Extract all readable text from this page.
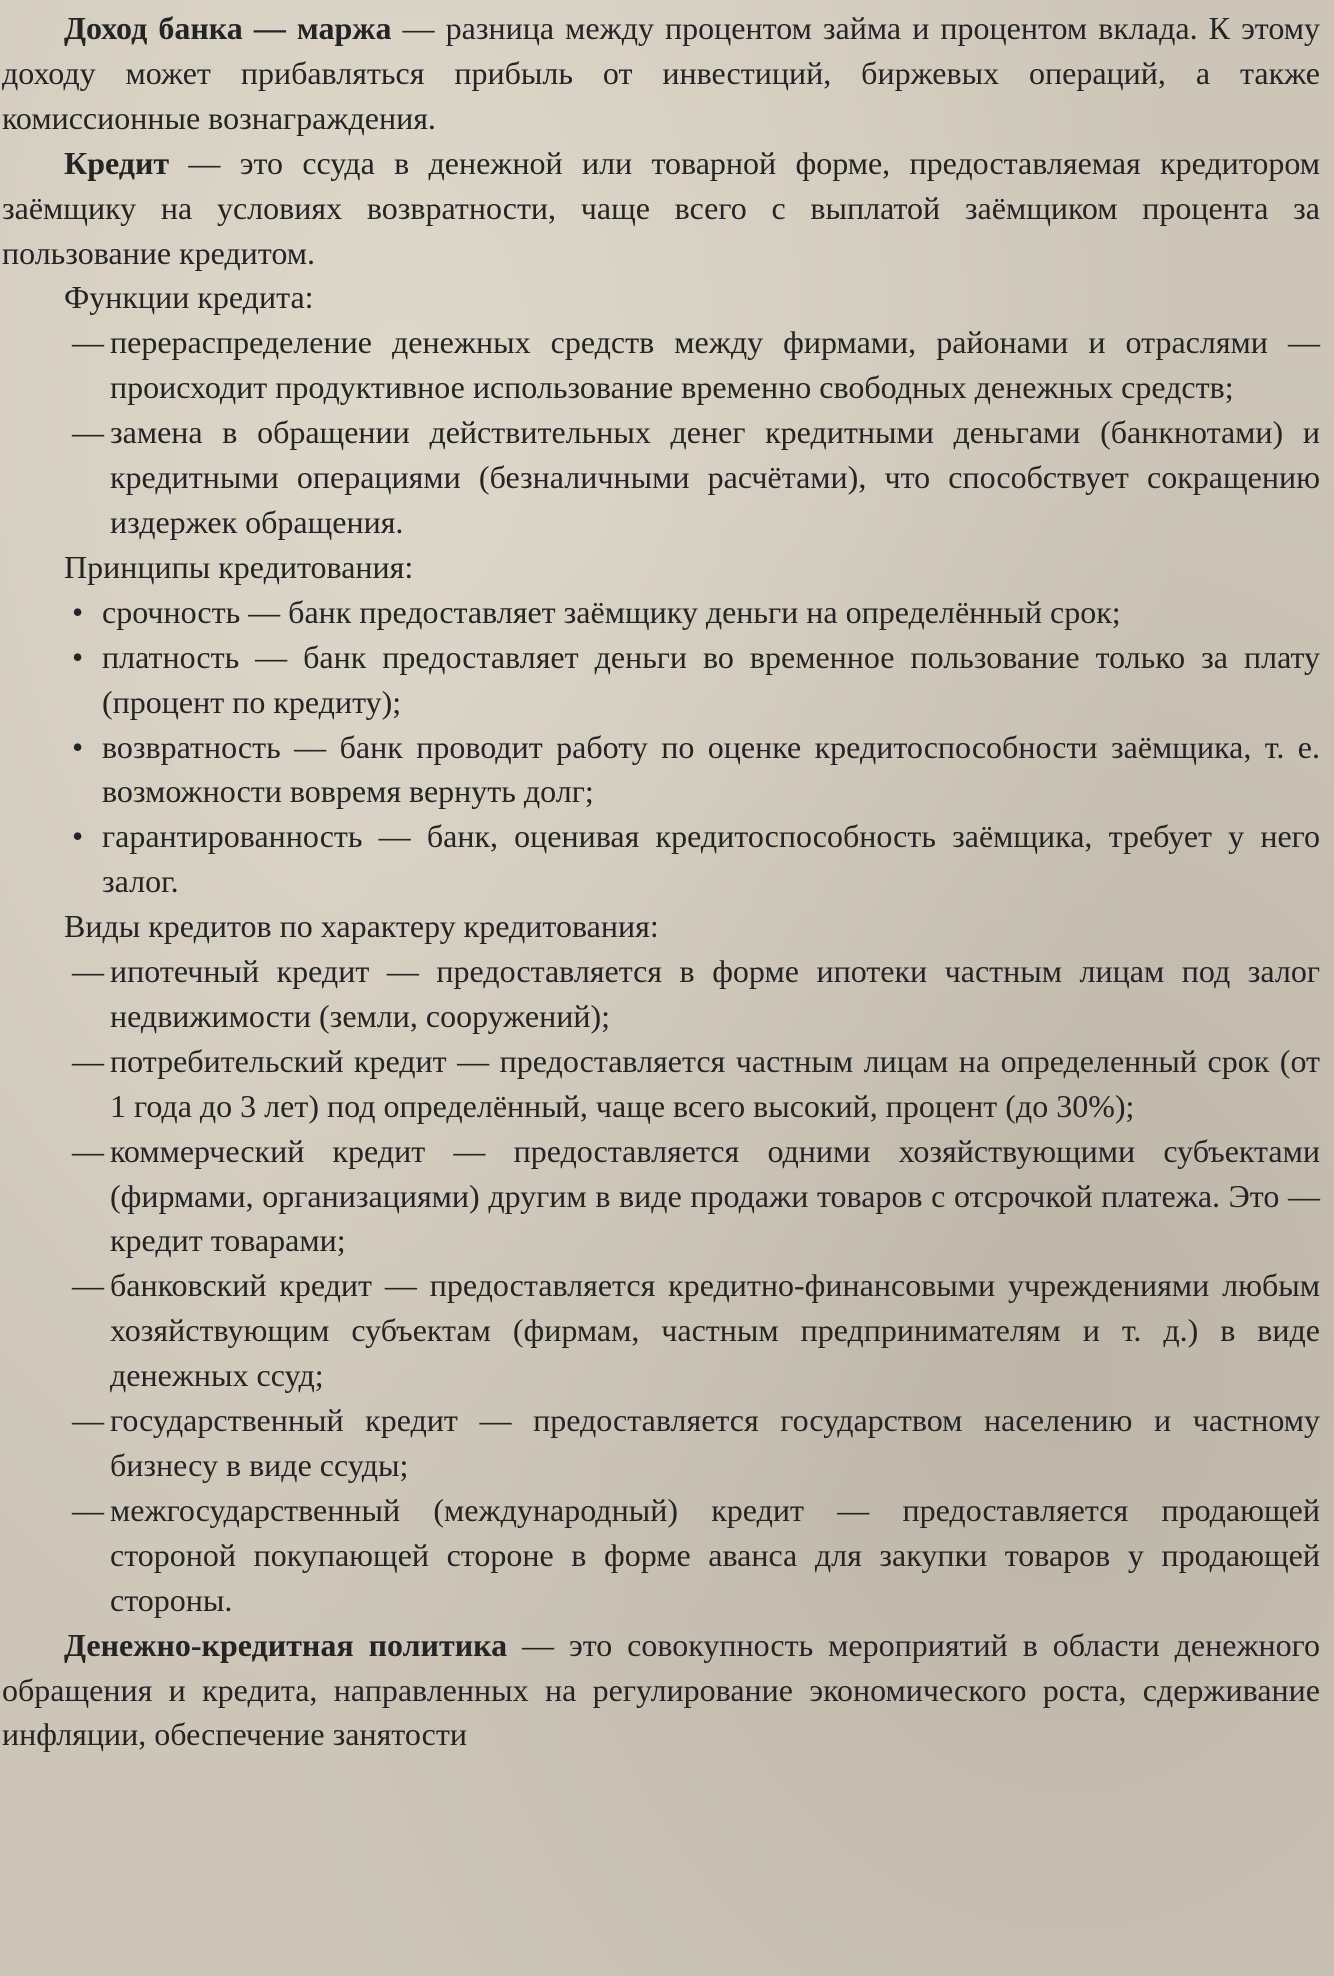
Доход банка — маржа — разница между процентом займа и процентом вклада. К этому доходу может прибавляться прибыль от инвестиций, биржевых операций, а также комиссионные вознаграждения.

Кредит — это ссуда в денежной или товарной форме, предоставляемая кредитором заёмщику на условиях возвратности, чаще всего с выплатой заёмщиком процента за пользование кредитом.

Функции кредита:

— перераспределение денежных средств между фирмами, районами и отраслями — происходит продуктивное использование временно свободных денежных средств;

— замена в обращении действительных денег кредитными деньгами (банкнотами) и кредитными операциями (безналичными расчётами), что способствует сокращению издержек обращения.

Принципы кредитования:

• срочность — банк предоставляет заёмщику деньги на определённый срок;

• платность — банк предоставляет деньги во временное пользование только за плату (процент по кредиту);

• возвратность — банк проводит работу по оценке кредитоспособности заёмщика, т. е. возможности вовремя вернуть долг;

• гарантированность — банк, оценивая кредитоспособность заёмщика, требует у него залог.

Виды кредитов по характеру кредитования:

— ипотечный кредит — предоставляется в форме ипотеки частным лицам под залог недвижимости (земли, сооружений);

— потребительский кредит — предоставляется частным лицам на определенный срок (от 1 года до 3 лет) под определённый, чаще всего высокий, процент (до 30%);

— коммерческий кредит — предоставляется одними хозяйствующими субъектами (фирмами, организациями) другим в виде продажи товаров с отсрочкой платежа. Это — кредит товарами;

— банковский кредит — предоставляется кредитно-финансовыми учреждениями любым хозяйствующим субъектам (фирмам, частным предпринимателям и т. д.) в виде денежных ссуд;

— государственный кредит — предоставляется государством населению и частному бизнесу в виде ссуды;

— межгосударственный (международный) кредит — предоставляется продающей стороной покупающей стороне в форме аванса для закупки товаров у продающей стороны.

Денежно-кредитная политика — это совокупность мероприятий в области денежного обращения и кредита, направленных на регулирование экономического роста, сдерживание инфляции, обеспечение занятости
